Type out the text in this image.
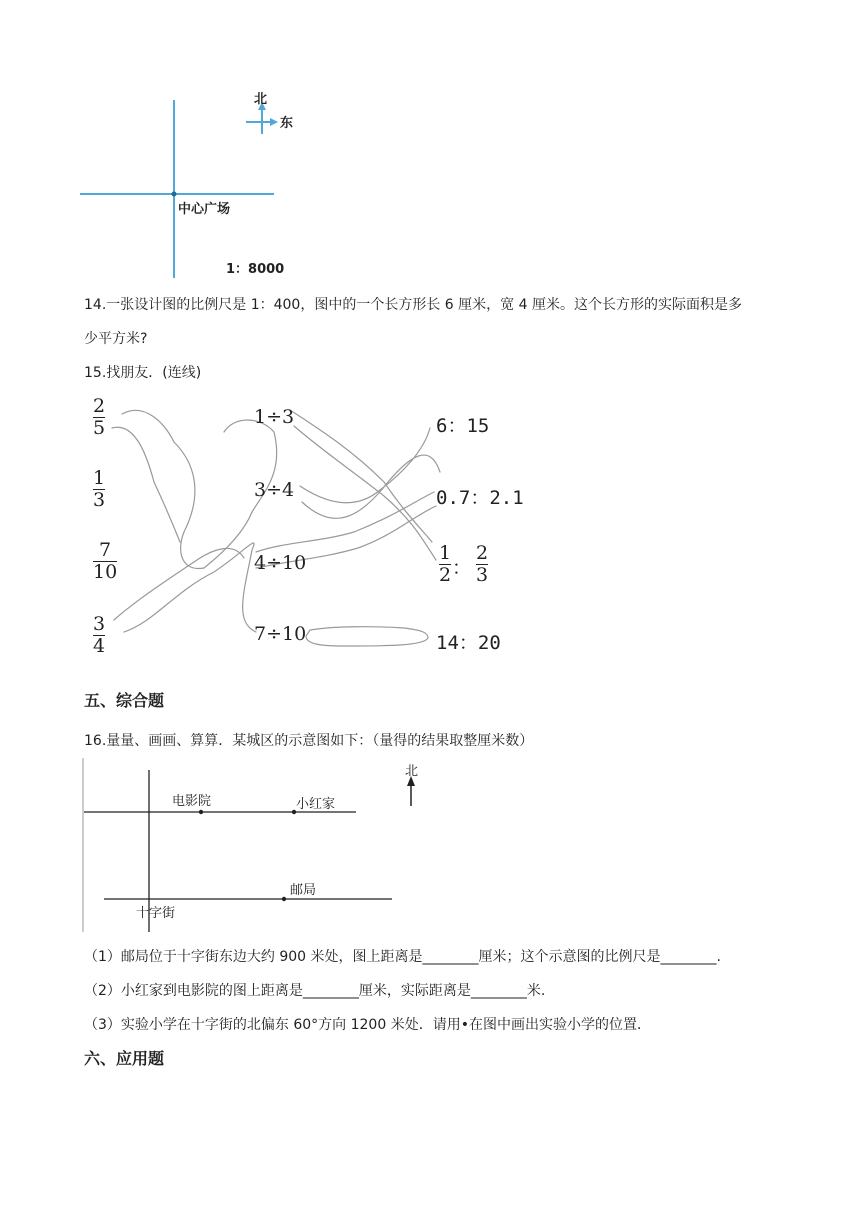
北
东
中心广场
1：8000
14.一张设计图的比例尺是 1：400，图中的一个长方形长 6 厘米，宽 4 厘米。这个长方形的实际面积是多
少平方米?
15.找朋友．(连线)
2
5
1
3
7
10
3
4
1÷3
3÷4
4÷10
7÷10
6：15
0.7：2.1
1
2 ：
2
3
14：20
五、综合题
16.量量、画画、算算．某城区的示意图如下：（量得的结果取整厘米数）
电影院	小红家
邮局
十字街
北
（1）邮局位于十字街东边大约 900 米处，图上距离是________厘米；这个示意图的比例尺是________.
（2）小红家到电影院的图上距离是________厘米，实际距离是________米.
（3）实验小学在十字街的北偏东 60°方向 1200 米处．请用•在图中画出实验小学的位置．
六、应用题
